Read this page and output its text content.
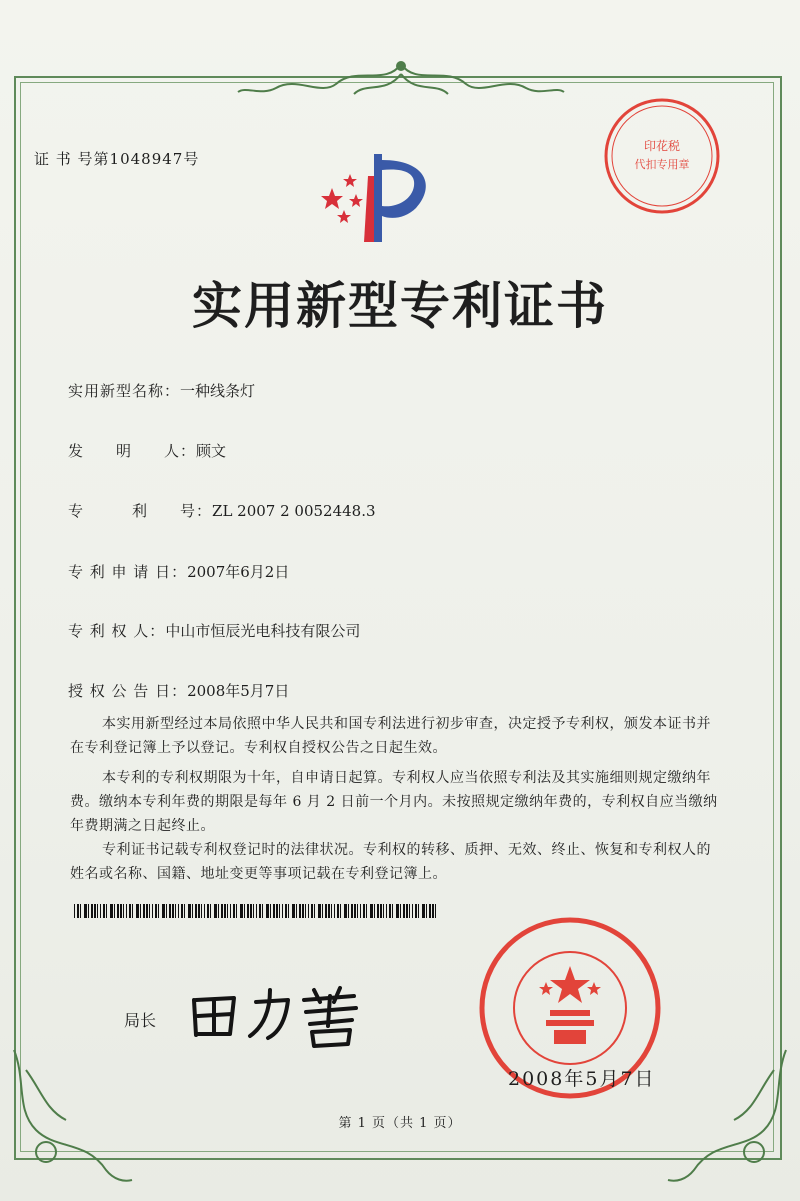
证 书 号第1048947号
实用新型专利证书
实用新型名称：一种线条灯
发　　明　　人：顾文
专　　　利　　号：ZL 2007 2 0052448.3
专 利 申 请 日：2007年6月2日
专 利 权 人：中山市恒辰光电科技有限公司
授 权 公 告 日：2008年5月7日
本实用新型经过本局依照中华人民共和国专利法进行初步审查，决定授予专利权，颁发本证书并在专利登记簿上予以登记。专利权自授权公告之日起生效。
本专利的专利权期限为十年，自申请日起算。专利权人应当依照专利法及其实施细则规定缴纳年费。缴纳本专利年费的期限是每年 6 月 2 日前一个月内。未按照规定缴纳年费的，专利权自应当缴纳年费期满之日起终止。
专利证书记载专利权登记时的法律状况。专利权的转移、质押、无效、终止、恢复和专利权人的姓名或名称、国籍、地址变更等事项记载在专利登记簿上。
局长
印花税
代扣专用章
2008年5月7日
第 1 页（共 1 页）
